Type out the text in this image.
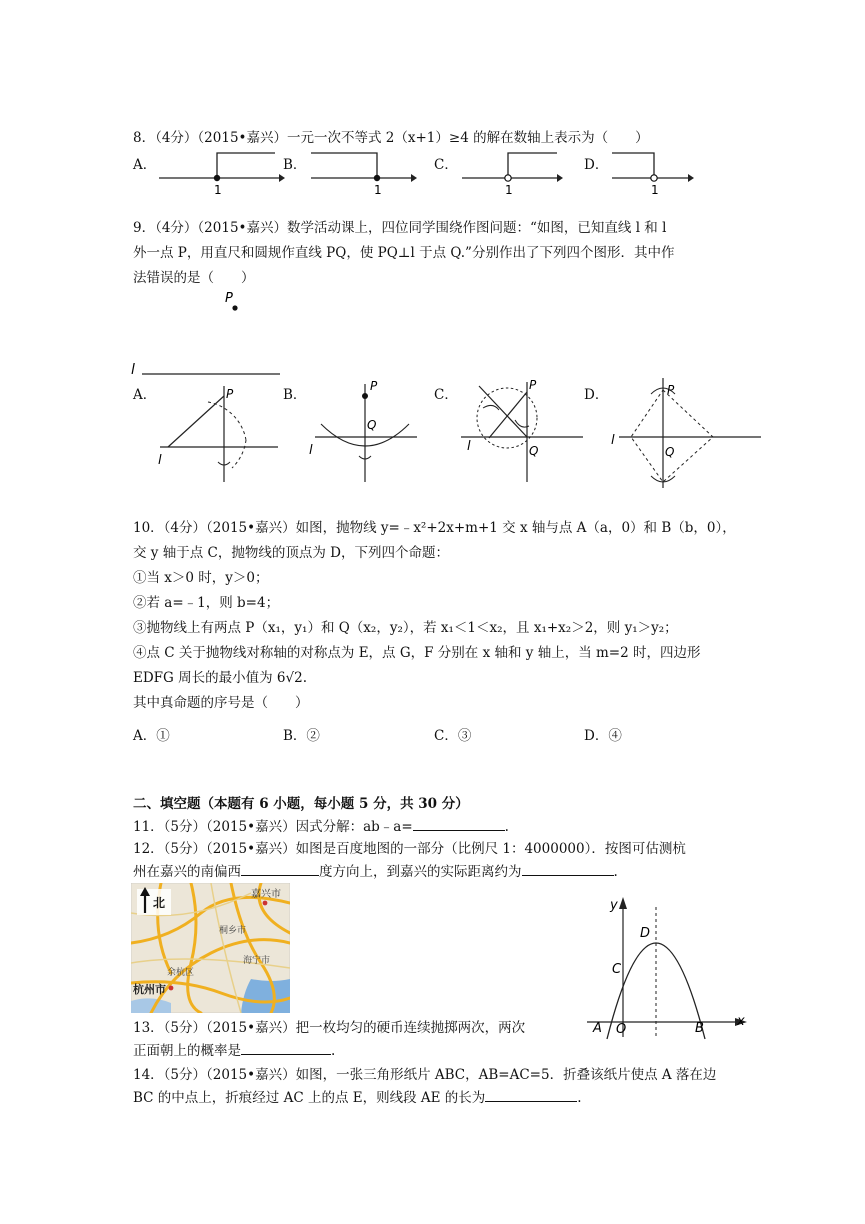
8．（4分）（2015•嘉兴）一元一次不等式 2（x+1）≥4 的解在数轴上表示为（　　）
A．	B．	C．	D．
1	1	1	1
9．（4分）（2015•嘉兴）数学活动课上，四位同学围绕作图问题：“如图，已知直线 l 和 l
外一点 P，用直尺和圆规作直线 PQ，使 PQ⊥l 于点 Q.”分别作出了下列四个图形．其中作
法错误的是（　　）
P
l
A．	B．	C．	D．
P
l
P
Q
l
P
Q
l
P
Q
l
10．（4分）（2015•嘉兴）如图，抛物线 y=﹣x²+2x+m+1 交 x 轴与点 A（a，0）和 B（b，0），
交 y 轴于点 C，抛物线的顶点为 D，下列四个命题：
①当 x＞0 时，y＞0；
②若 a=﹣1，则 b=4；
③抛物线上有两点 P（x₁，y₁）和 Q（x₂，y₂），若 x₁＜1＜x₂，且 x₁+x₂＞2，则 y₁＞y₂；
④点 C 关于抛物线对称轴的对称点为 E，点 G，F 分别在 x 轴和 y 轴上，当 m=2 时，四边形
EDFG 周长的最小值为 6√2.
其中真命题的序号是（　　）
A．①	B．②	C．③	D．④
二、填空题（本题有 6 小题，每小题 5 分，共 30 分）
11．（5分）（2015•嘉兴）因式分解：ab﹣a=	.
12．（5分）（2015•嘉兴）如图是百度地图的一部分（比例尺 1：4000000）．按图可估测杭
州在嘉兴的南偏西	度方向上，到嘉兴的实际距离约为	.
北
嘉兴市
桐乡市
海宁市
余杭区
杭州市
y
x
D
C
A O	B
13．（5分）（2015•嘉兴）把一枚均匀的硬币连续抛掷两次，两次
正面朝上的概率是	.
14．（5分）（2015•嘉兴）如图，一张三角形纸片 ABC，AB=AC=5．折叠该纸片使点 A 落在边
BC 的中点上，折痕经过 AC 上的点 E，则线段 AE 的长为	.
